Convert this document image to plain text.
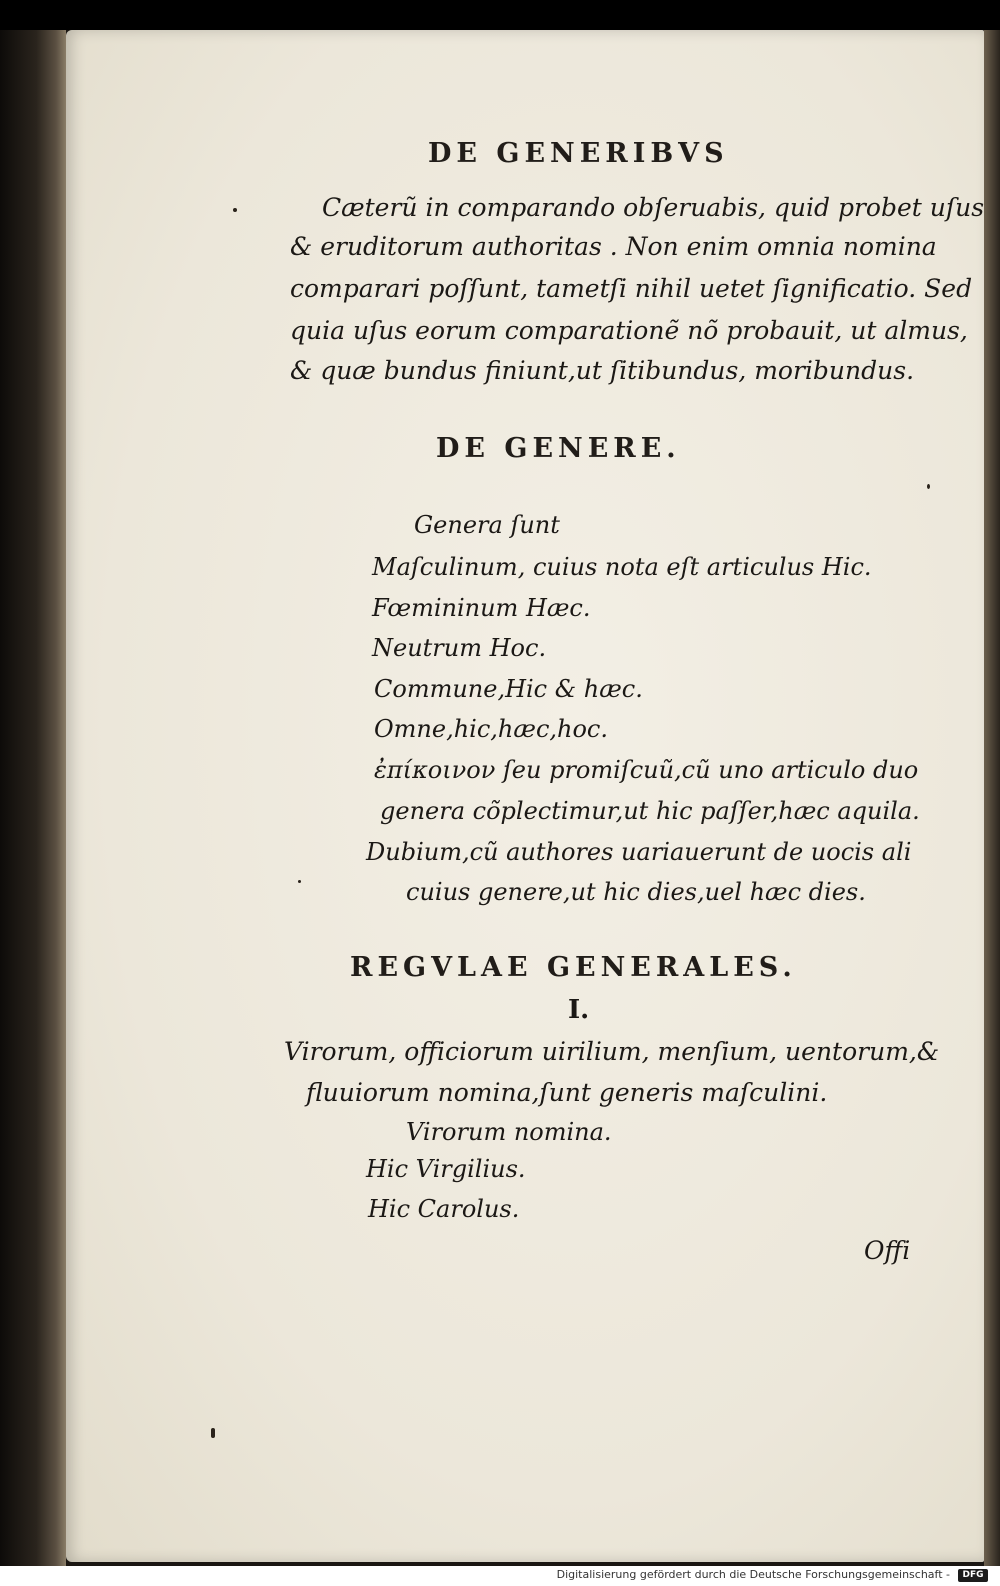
DE GENERIBVS
Cæterũ in comparando obſeruabis, quid probet uſus
& eruditorum authoritas . Non enim omnia nomina
comparari poſſunt, tametſi nihil uetet ſignificatio. Sed
quia uſus eorum comparationẽ nõ probauit, ut almus,
& quæ bundus finiunt,ut ſitibundus, moribundus.
DE GENERE.
Genera ſunt
Maſculinum, cuius nota eſt articulus Hic.
Fœmininum Hæc.
Neutrum Hoc.
Commune,Hic & hæc.
Omne,hic,hæc,hoc.
ἐπίκοινον ſeu promiſcuũ,cũ uno articulo duo
genera cõplectimur,ut hic paſſer,hæc aquila.
Dubium,cũ authores uariauerunt de uocis ali
cuius genere,ut hic dies,uel hæc dies.
REGVLAE GENERALES.
I.
Virorum, officiorum uirilium, menſium, uentorum,&
fluuiorum nomina,ſunt generis maſculini.
Virorum nomina.
Hic Virgilius.
Hic Carolus.
Offi
Digitalisierung gefördert durch die Deutsche Forschungsgemeinschaft -	DFG
